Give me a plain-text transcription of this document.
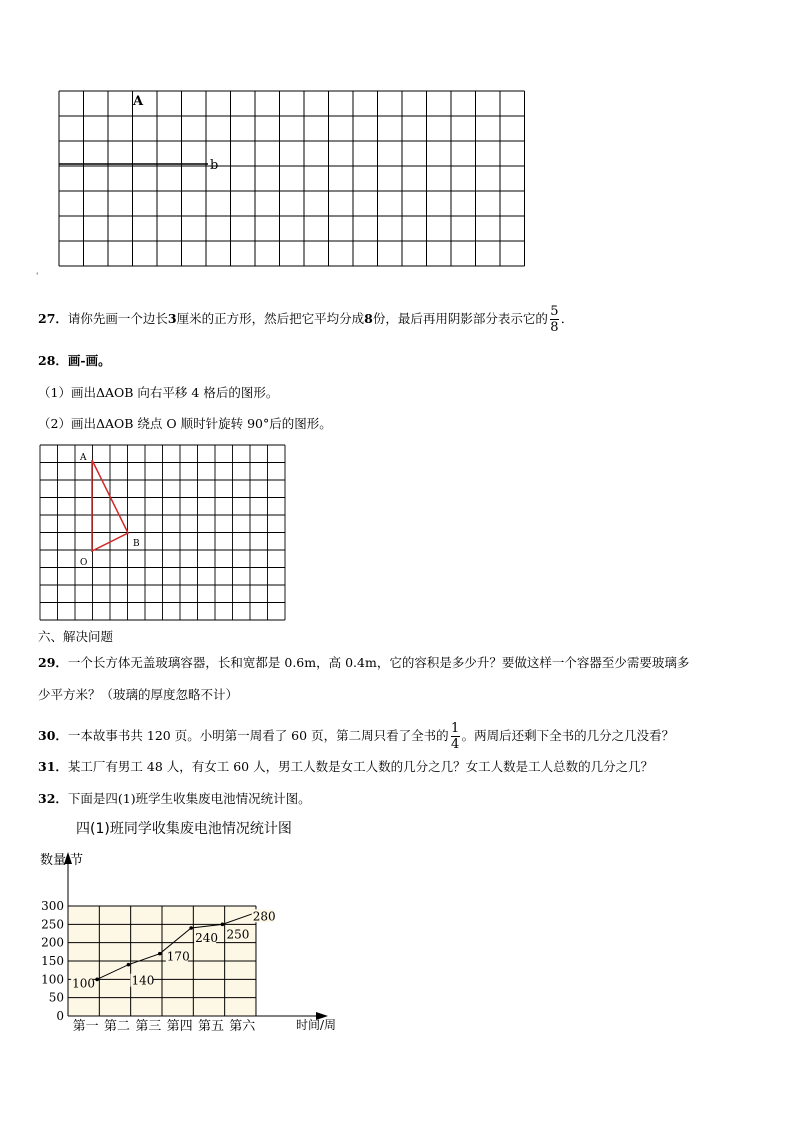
A
b
ˈ
27．请你先画一个边长3厘米的正方形，然后把它平均分成8份，最后再用阴影部分表示它的 $\frac{5}{8}$ ．
28．画-画。
（1）画出ΔAOB 向右平移 4 格后的图形。
（2）画出ΔAOB 绕点 O 顺时针旋转 90°后的图形。
A
B
O
六、解决问题
29．一个长方体无盖玻璃容器，长和宽都是 0.6m，高 0.4m，它的容积是多少升？要做这样一个容器至少需要玻璃多
少平方米？（玻璃的厚度忽略不计）
30．一本故事书共 120 页。小明第一周看了 60 页，第二周只看了全书的 $\frac{1}{4}$ 。两周后还剩下全书的几分之几没看？
31．某工厂有男工 48 人，有女工 60 人，男工人数是女工人数的几分之几？女工人数是工人总数的几分之几？
32．下面是四(1)班学生收集废电池情况统计图。
四(1)班同学收集废电池情况统计图
数量 节
时间/周
0
50
100
150
200
250
300
第一 第二 第三 第四 第五 第六
100	140
170
240 250
280
